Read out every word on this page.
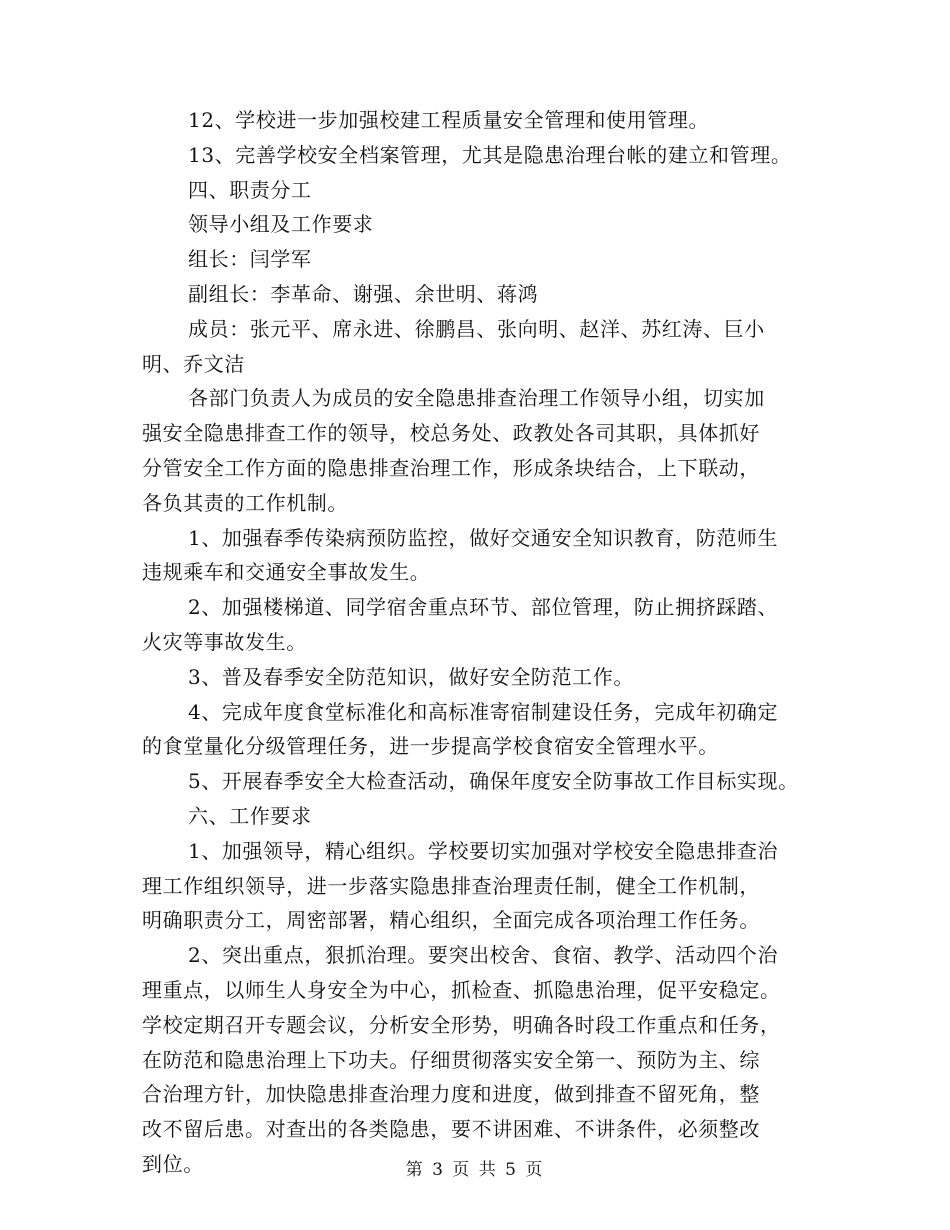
12、学校进一步加强校建工程质量安全管理和使用管理。
13、完善学校安全档案管理，尤其是隐患治理台帐的建立和管理。
四、职责分工
领导小组及工作要求
组长：闫学军
副组长：李革命、谢强、余世明、蒋鸿
成员：张元平、席永进、徐鹏昌、张向明、赵洋、苏红涛、巨小
明、乔文洁
各部门负责人为成员的安全隐患排查治理工作领导小组，切实加
强安全隐患排查工作的领导，校总务处、政教处各司其职，具体抓好
分管安全工作方面的隐患排查治理工作，形成条块结合，上下联动，
各负其责的工作机制。
1、加强春季传染病预防监控，做好交通安全知识教育，防范师生
违规乘车和交通安全事故发生。
2、加强楼梯道、同学宿舍重点环节、部位管理，防止拥挤踩踏、
火灾等事故发生。
3、普及春季安全防范知识，做好安全防范工作。
4、完成年度食堂标准化和高标准寄宿制建设任务，完成年初确定
的食堂量化分级管理任务，进一步提高学校食宿安全管理水平。
5、开展春季安全大检查活动，确保年度安全防事故工作目标实现。
六、工作要求
1、加强领导，精心组织。学校要切实加强对学校安全隐患排查治
理工作组织领导，进一步落实隐患排查治理责任制，健全工作机制，
明确职责分工，周密部署，精心组织，全面完成各项治理工作任务。
2、突出重点，狠抓治理。要突出校舍、食宿、教学、活动四个治
理重点，以师生人身安全为中心，抓检查、抓隐患治理，促平安稳定。
学校定期召开专题会议，分析安全形势，明确各时段工作重点和任务，
在防范和隐患治理上下功夫。仔细贯彻落实安全第一、预防为主、综
合治理方针，加快隐患排查治理力度和进度，做到排查不留死角，整
改不留后患。对查出的各类隐患，要不讲困难、不讲条件，必须整改
到位。	第 3 页 共 5 页
